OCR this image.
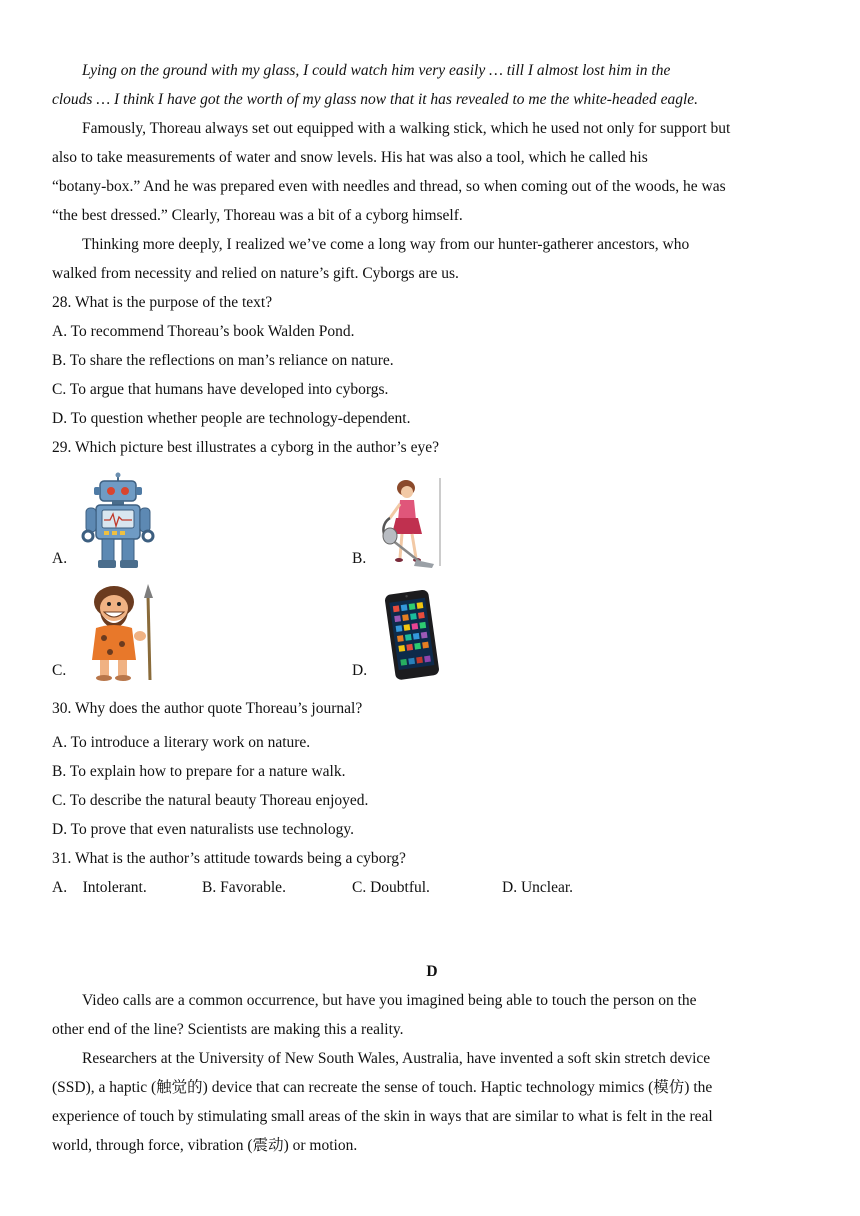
Lying on the ground with my glass, I could watch him very easily … till I almost lost him in the
clouds … I think I have got the worth of my glass now that it has revealed to me the white-headed eagle.
Famously, Thoreau always set out equipped with a walking stick, which he used not only for support but
also to take measurements of water and snow levels. His hat was also a tool, which he called his
“botany-box.” And he was prepared even with needles and thread, so when coming out of the woods, he was
“the best dressed.” Clearly, Thoreau was a bit of a cyborg himself.
Thinking more deeply, I realized we’ve come a long way from our hunter-gatherer ancestors, who
walked from necessity and relied on nature’s gift. Cyborgs are us.
28. What is the purpose of the text?
A. To recommend Thoreau’s book Walden Pond.
B. To share the reflections on man’s reliance on nature.
C. To argue that humans have developed into cyborgs.
D. To question whether people are technology-dependent.
29. Which picture best illustrates a cyborg in the author’s eye?
A.	B.
C.	D.
30. Why does the author quote Thoreau’s journal?
A. To introduce a literary work on nature.
B. To explain how to prepare for a nature walk.
C. To describe the natural beauty Thoreau enjoyed.
D. To prove that even naturalists use technology.
31. What is the author’s attitude towards being a cyborg?
A.    Intolerant.	B. Favorable.	C. Doubtful.	D. Unclear.
D
Video calls are a common occurrence, but have you imagined being able to touch the person on the
other end of the line? Scientists are making this a reality.
Researchers at the University of New South Wales, Australia, have invented a soft skin stretch device
(SSD), a haptic (触觉的) device that can recreate the sense of touch. Haptic technology mimics (模仿) the
experience of touch by stimulating small areas of the skin in ways that are similar to what is felt in the real
world, through force, vibration (震动) or motion.
